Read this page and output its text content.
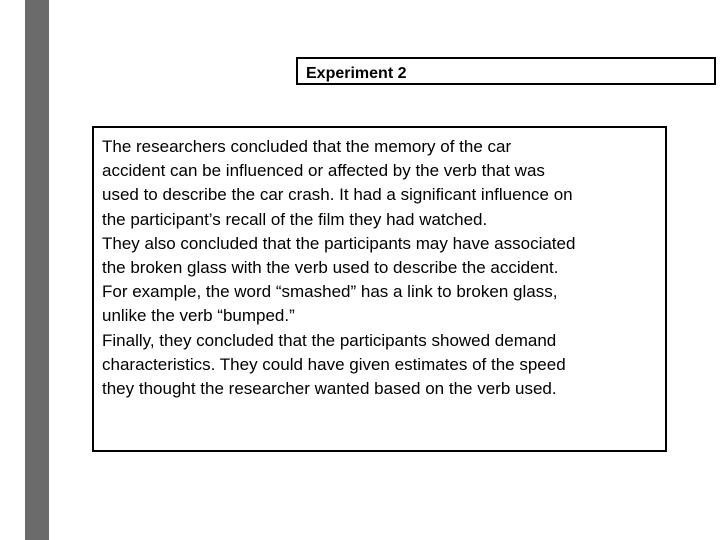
Experiment 2
The researchers concluded that the memory of the car
accident can be influenced or affected by the verb that was
used to describe the car crash. It had a significant influence on
the participant’s recall of the film they had watched.
They also concluded that the participants may have associated
the broken glass with the verb used to describe the accident.
For example, the word “smashed” has a link to broken glass,
unlike the verb “bumped.”
Finally, they concluded that the participants showed demand
characteristics. They could have given estimates of the speed
they thought the researcher wanted based on the verb used.
